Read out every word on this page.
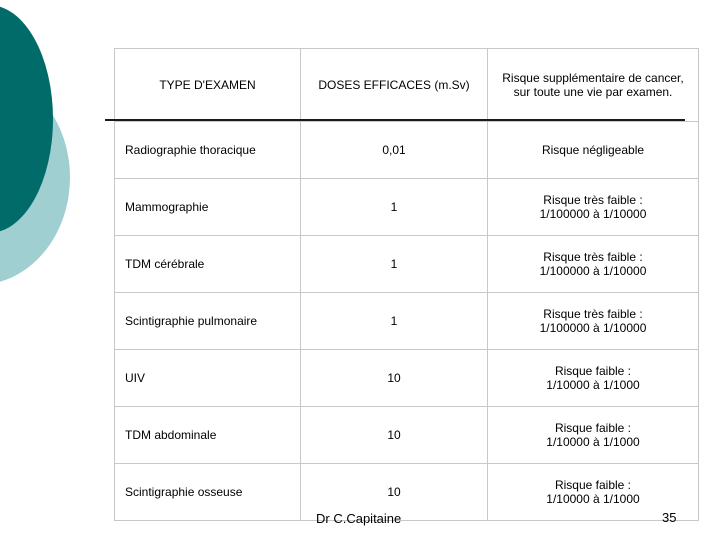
TYPE D'EXAMEN	DOSES EFFICACES (m.Sv)	Risque supplémentaire de cancer, sur toute une vie par examen.
Radiographie thoracique	0,01	Risque négligeable

Mammographie	1	Risque très faible :
1/100000 à 1/10000

TDM cérébrale	1	Risque très faible :
1/100000 à 1/10000

Scintigraphie pulmonaire	1	Risque très faible :
1/100000 à 1/10000

UIV	10	Risque faible :
1/10000 à 1/1000

TDM abdominale	10	Risque faible :
1/10000 à 1/1000

Scintigraphie osseuse	10	Risque faible :
1/10000 à 1/1000
Dr C.Capitaine	35
